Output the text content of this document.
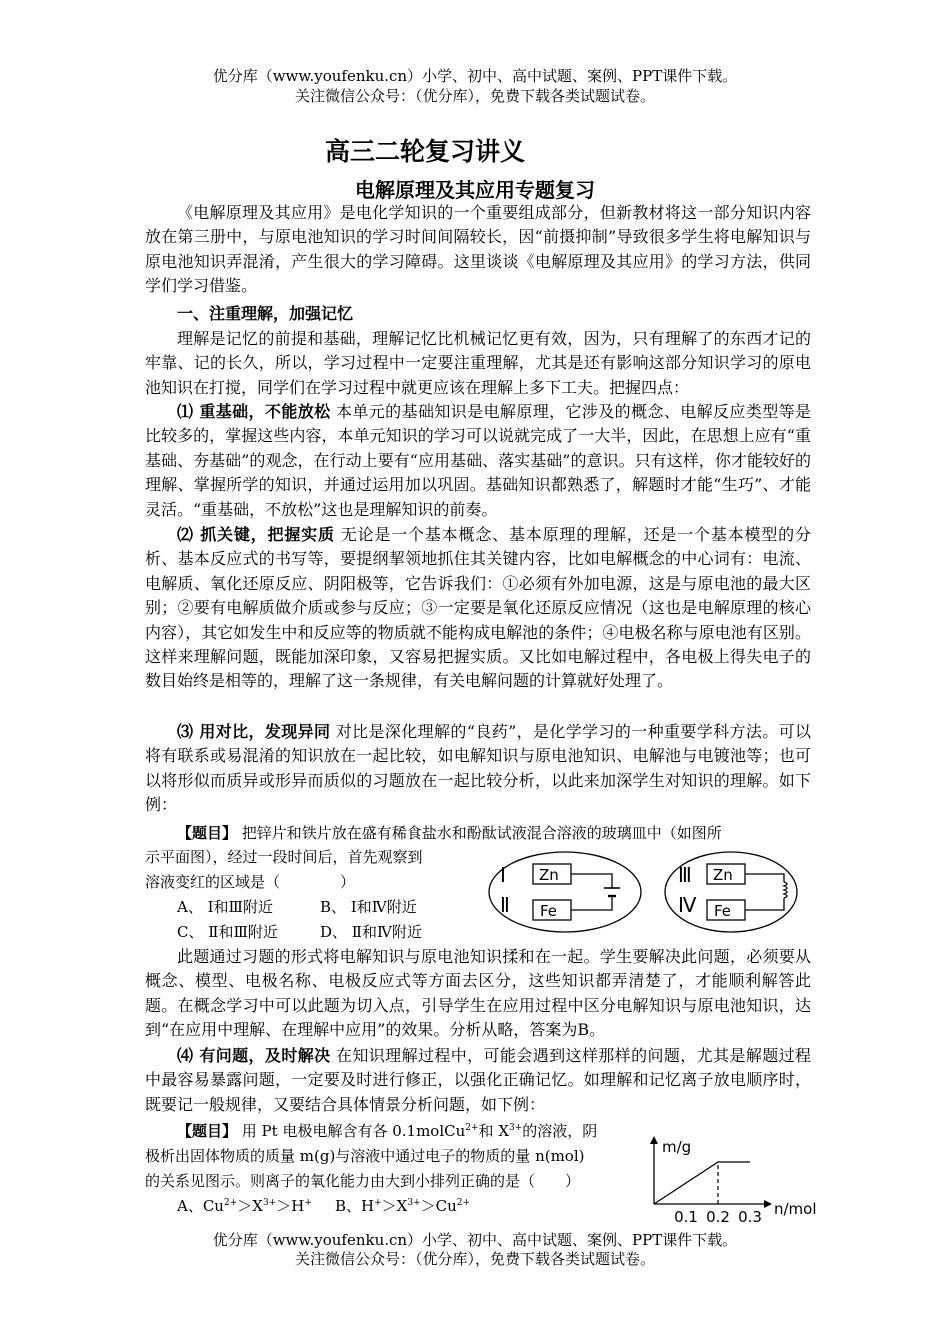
优分库（www.youfenku.cn）小学、初中、高中试题、案例、PPT课件下载。
关注微信公众号：（优分库），免费下载各类试题试卷。
高三二轮复习讲义
电解原理及其应用专题复习

《电解原理及其应用》是电化学知识的一个重要组成部分，但新教材将这一部分知识内容放在第三册中，与原电池知识的学习时间间隔较长，因“前摄抑制”导致很多学生将电解知识与原电池知识弄混淆，产生很大的学习障碍。这里谈谈《电解原理及其应用》的学习方法，供同学们学习借鉴。

一、注重理解，加强记忆

理解是记忆的前提和基础，理解记忆比机械记忆更有效，因为，只有理解了的东西才记的牢靠、记的长久，所以，学习过程中一定要注重理解，尤其是还有影响这部分知识学习的原电池知识在打搅，同学们在学习过程中就更应该在理解上多下工夫。把握四点：

⑴ 重基础，不能放松 本单元的基础知识是电解原理，它涉及的概念、电解反应类型等是比较多的，掌握这些内容，本单元知识的学习可以说就完成了一大半，因此，在思想上应有“重基础、夯基础”的观念，在行动上要有“应用基础、落实基础”的意识。只有这样，你才能较好的理解、掌握所学的知识，并通过运用加以巩固。基础知识都熟悉了，解题时才能“生巧”、才能灵活。“重基础，不放松”这也是理解知识的前奏。

⑵ 抓关键，把握实质 无论是一个基本概念、基本原理的理解，还是一个基本模型的分析、基本反应式的书写等，要提纲挈领地抓住其关键内容，比如电解概念的中心词有：电流、电解质、氧化还原反应、阴阳极等，它告诉我们：①必须有外加电源，这是与原电池的最大区别；②要有电解质做介质或参与反应；③一定要是氧化还原反应情况（这也是电解原理的核心内容），其它如发生中和反应等的物质就不能构成电解池的条件；④电极名称与原电池有区别。这样来理解问题，既能加深印象，又容易把握实质。又比如电解过程中，各电极上得失电子的数目始终是相等的，理解了这一条规律，有关电解问题的计算就好处理了。

⑶ 用对比，发现异同 对比是深化理解的“良药”，是化学学习的一种重要学科方法。可以将有联系或易混淆的知识放在一起比较，如电解知识与原电池知识、电解池与电镀池等；也可以将形似而质异或形异而质似的习题放在一起比较分析，以此来加深学生对知识的理解。如下例：

【题目】 把锌片和铁片放在盛有稀食盐水和酚酞试液混合溶液的玻璃皿中（如图所
示平面图），经过一段时间后，首先观察到
溶液变红的区域是（　　　　）
A、 Ⅰ和Ⅲ附近	B、 Ⅰ和Ⅳ附近
C、 Ⅱ和Ⅲ附近	D、 Ⅱ和Ⅳ附近
Ⅰ
Ⅱ
Zn
Fe
Ⅲ
Ⅳ
Zn
Fe

此题通过习题的形式将电解知识与原电池知识揉和在一起。学生要解决此问题，必须要从概念、模型、电极名称、电极反应式等方面去区分，这些知识都弄清楚了，才能顺利解答此题。在概念学习中可以此题为切入点，引导学生在应用过程中区分电解知识与原电池知识，达到“在应用中理解、在理解中应用”的效果。分析从略，答案为B。

⑷ 有问题，及时解决 在知识理解过程中，可能会遇到这样那样的问题，尤其是解题过程中最容易暴露问题，一定要及时进行修正，以强化正确记忆。如理解和记忆离子放电顺序时，既要记一般规律，又要结合具体情景分析问题，如下例：

【题目】 用 Pt 电极电解含有各 0.1molCu$^{2+}$和 $X^{3+}$的溶液，阴
极析出固体物质的质量 m(g)与溶液中通过电子的物质的量 n(mol)
的关系见图示。则离子的氧化能力由大到小排列正确的是（　　）
A、$Cu^{2+}>X^{3+}>H^+$ B、$H^+>X^{3+}>Cu^{2+}$
m/g
n/mol
0.1 0.2 0.3
优分库（www.youfenku.cn）小学、初中、高中试题、案例、PPT课件下载。
关注微信公众号：（优分库），免费下载各类试题试卷。
